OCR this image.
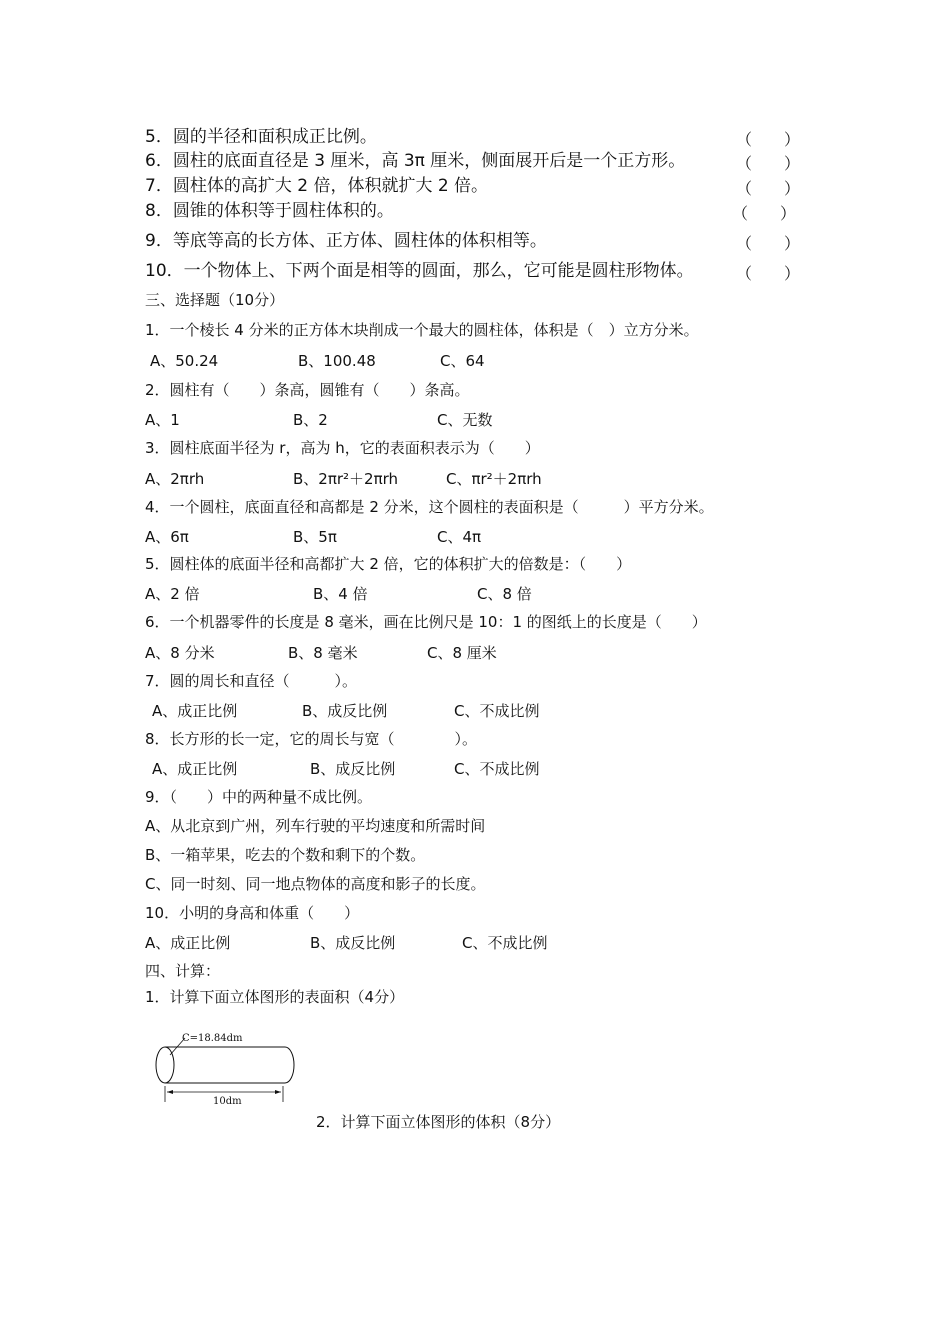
5．圆的半径和面积成正比例。	（　　）
6．圆柱的底面直径是 3 厘米，高 3π 厘米，侧面展开后是一个正方形。	（　　）
7．圆柱体的高扩大 2 倍，体积就扩大 2 倍。	（　　）
8．圆锥的体积等于圆柱体积的。	（　　）
9．等底等高的长方体、正方体、圆柱体的体积相等。	（　　）
10．一个物体上、下两个面是相等的圆面，那么，它可能是圆柱形物体。	（　　）
三、选择题（10分）
1．一个棱长 4 分米的正方体木块削成一个最大的圆柱体，体积是（　）立方分米。
A、50.24	B、100.48	C、64
2．圆柱有（　　）条高，圆锥有（　　）条高。
A、1	B、2	C、无数
3．圆柱底面半径为 r，高为 h，它的表面积表示为（　　）
A、2πrh	B、2πr²＋2πrh	C、πr²＋2πrh
4．一个圆柱，底面直径和高都是 2 分米，这个圆柱的表面积是（　　　）平方分米。
A、6π	B、5π	C、4π
5．圆柱体的底面半径和高都扩大 2 倍，它的体积扩大的倍数是：（　　）
A、2 倍	B、4 倍	C、8 倍
6．一个机器零件的长度是 8 毫米，画在比例尺是 10：1 的图纸上的长度是（　　）
A、8 分米	B、8 毫米	C、8 厘米
7．圆的周长和直径（　　　）。
A、成正比例	B、成反比例	C、不成比例
8．长方形的长一定，它的周长与宽（　　　　）。
A、成正比例	B、成反比例	C、不成比例
9．（　　）中的两种量不成比例。
A、从北京到广州，列车行驶的平均速度和所需时间
B、一箱苹果，吃去的个数和剩下的个数。
C、同一时刻、同一地点物体的高度和影子的长度。
10．小明的身高和体重（　　）
A、成正比例	B、成反比例	C、不成比例
四、计算：
1．计算下面立体图形的表面积（4分）
C=18.84dm
10dm
2．计算下面立体图形的体积（8分）
